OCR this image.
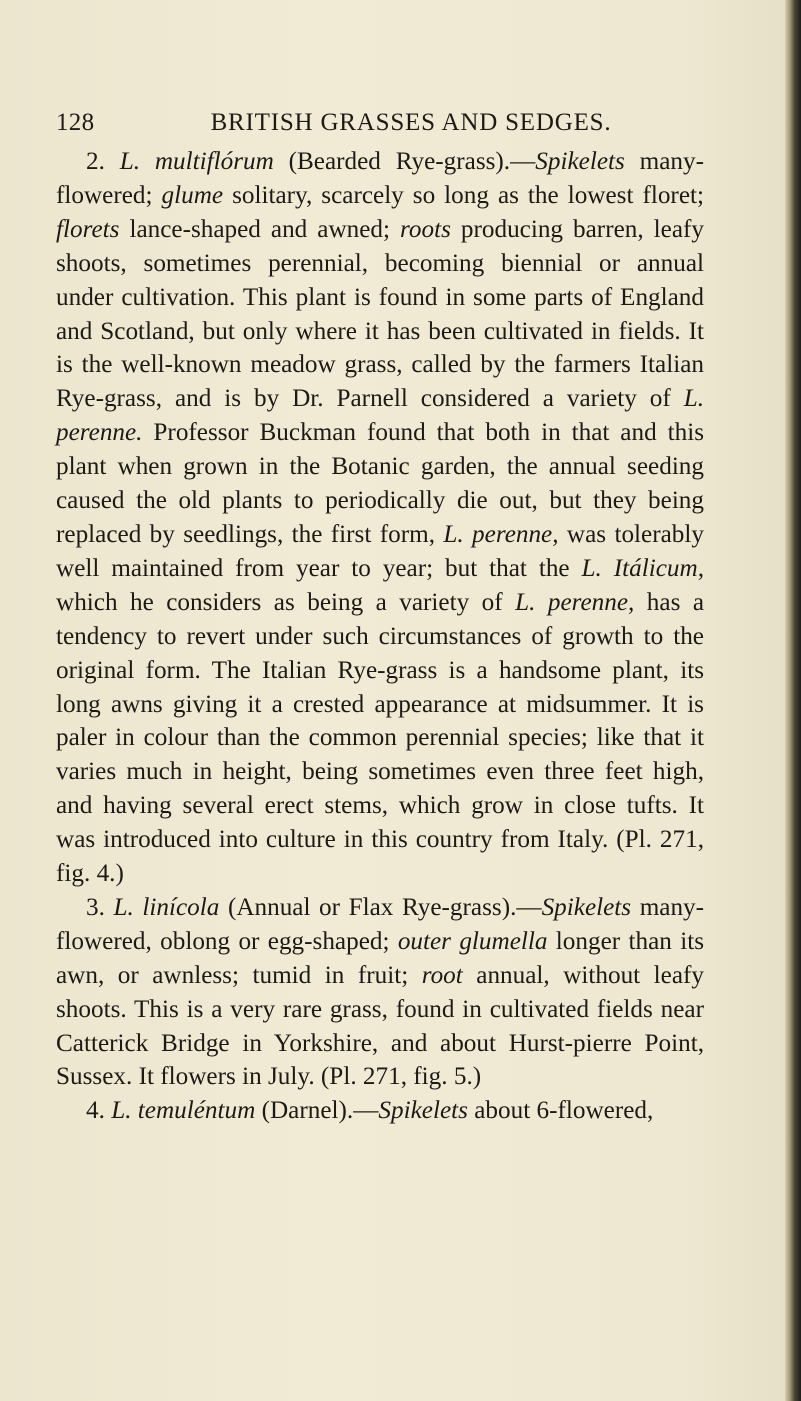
128	BRITISH GRASSES AND SEDGES.

2. L. multiflórum (Bearded Rye-grass).—Spikelets many-flowered; glume solitary, scarcely so long as the lowest floret; florets lance-shaped and awned; roots producing barren, leafy shoots, sometimes perennial, becoming biennial or annual under cultivation. This plant is found in some parts of England and Scotland, but only where it has been cultivated in fields. It is the well-known meadow grass, called by the farmers Italian Rye-grass, and is by Dr. Parnell considered a variety of L. perenne. Professor Buckman found that both in that and this plant when grown in the Botanic garden, the annual seeding caused the old plants to periodically die out, but they being replaced by seedlings, the first form, L. perenne, was tolerably well maintained from year to year; but that the L. Itálicum, which he considers as being a variety of L. perenne, has a tendency to revert under such circumstances of growth to the original form. The Italian Rye-grass is a handsome plant, its long awns giving it a crested appearance at midsummer. It is paler in colour than the common perennial species; like that it varies much in height, being sometimes even three feet high, and having several erect stems, which grow in close tufts. It was introduced into culture in this country from Italy. (Pl. 271, fig. 4.)

3. L. linícola (Annual or Flax Rye-grass).—Spikelets many-flowered, oblong or egg-shaped; outer glumella longer than its awn, or awnless; tumid in fruit; root annual, without leafy shoots. This is a very rare grass, found in cultivated fields near Catterick Bridge in Yorkshire, and about Hurst-pierre Point, Sussex. It flowers in July. (Pl. 271, fig. 5.)

4. L. temuléntum (Darnel).—Spikelets about 6-flowered,
